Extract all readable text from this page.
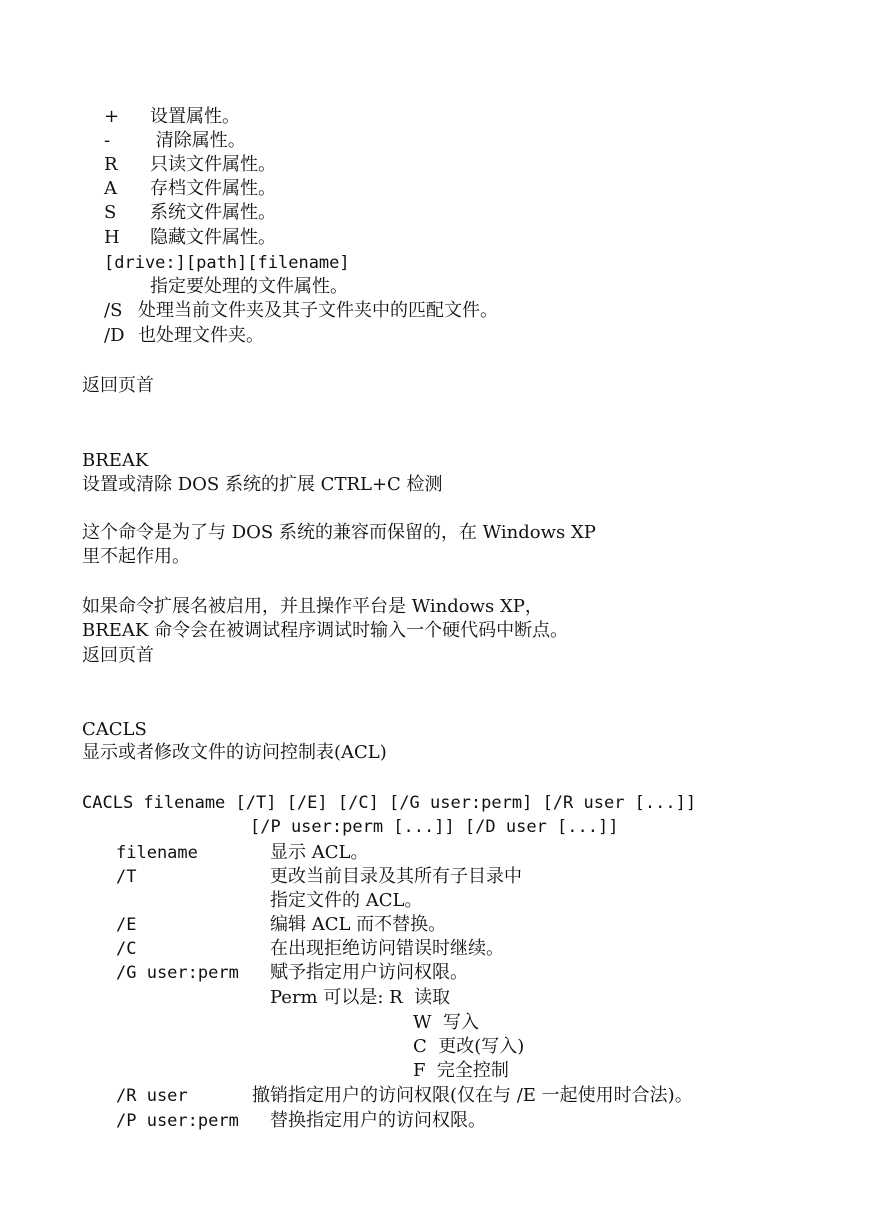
+ 设置属性。
- 清除属性。
R 只读文件属性。
A 存档文件属性。
S 系统文件属性。
H 隐藏文件属性。
[drive:][path][filename]
指定要处理的文件属性。
/S 处理当前文件夹及其子文件夹中的匹配文件。
/D 也处理文件夹。
返回页首
BREAK
设置或清除 DOS 系统的扩展 CTRL+C 检测
这个命令是为了与 DOS 系统的兼容而保留的，在 Windows XP
里不起作用。
如果命令扩展名被启用，并且操作平台是 Windows XP，
BREAK 命令会在被调试程序调试时输入一个硬代码中断点。
返回页首
CACLS
显示或者修改文件的访问控制表(ACL)
CACLS filename [/T] [/E] [/C] [/G user:perm] [/R user [...]]
[/P user:perm [...]] [/D user [...]]
filename	显示 ACL。
/T	更改当前目录及其所有子目录中
指定文件的 ACL。
/E	编辑 ACL 而不替换。
/C	在出现拒绝访问错误时继续。
/G user:perm 赋予指定用户访问权限。
Perm 可以是: R  读取
W  写入
C  更改(写入)
F  完全控制
/R user	撤销指定用户的访问权限(仅在与 /E 一起使用时合法)。
/P user:perm 替换指定用户的访问权限。
